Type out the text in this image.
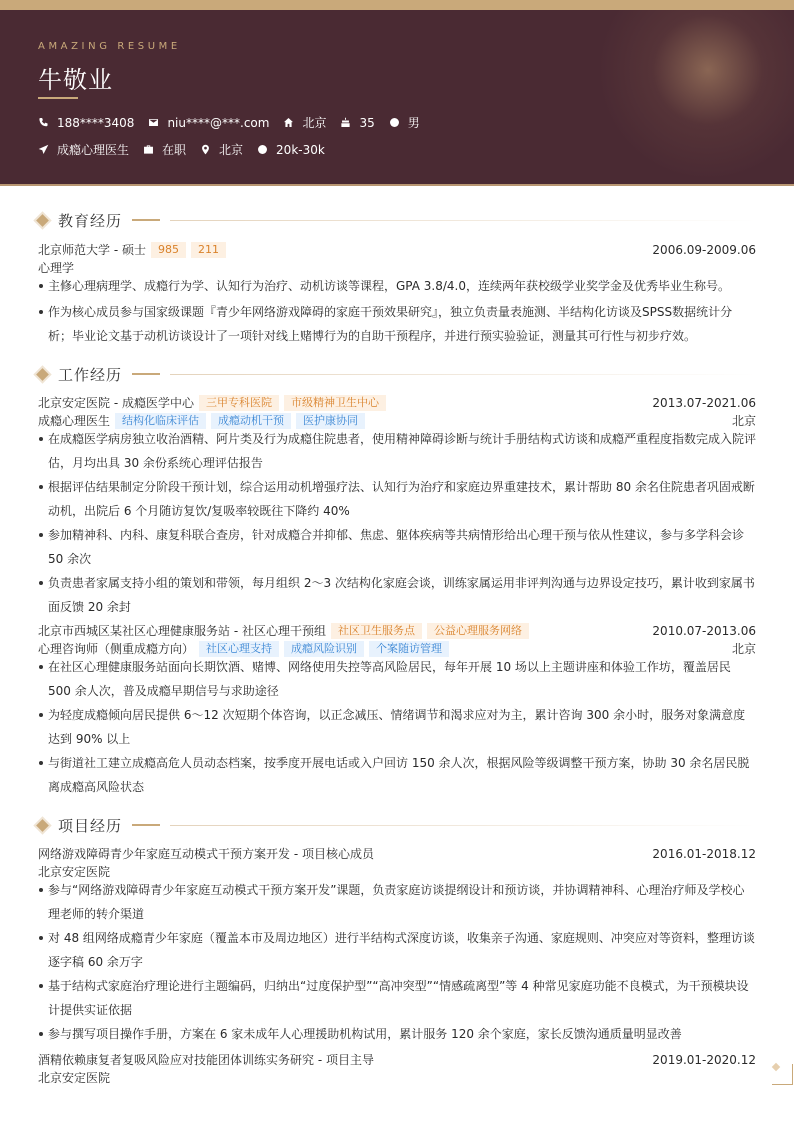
AMAZING RESUME
牛敬业
188****3408	niu****@***.com	北京	35	男
成瘾心理医生	在职	北京	20k-30k
教育经历
北京师范大学 - 硕士	985	211	2006.09-2009.06
心理学
主修心理病理学、成瘾行为学、认知行为治疗、动机访谈等课程，GPA 3.8/4.0，连续两年获校级学业奖学金及优秀毕业生称号。
作为核心成员参与国家级课题『青少年网络游戏障碍的家庭干预效果研究』，独立负责量表施测、半结构化访谈及SPSS数据统计分析；毕业论文基于动机访谈设计了一项针对线上赌博行为的自助干预程序，并进行预实验验证，测量其可行性与初步疗效。
工作经历
北京安定医院 - 成瘾医学中心	三甲专科医院	市级精神卫生中心	2013.07-2021.06
成瘾心理医生	结构化临床评估	成瘾动机干预	医护康协同	北京
在成瘾医学病房独立收治酒精、阿片类及行为成瘾住院患者，使用精神障碍诊断与统计手册结构式访谈和成瘾严重程度指数完成入院评估，月均出具 30 余份系统心理评估报告
根据评估结果制定分阶段干预计划，综合运用动机增强疗法、认知行为治疗和家庭边界重建技术，累计帮助 80 余名住院患者巩固戒断动机，出院后 6 个月随访复饮/复吸率较既往下降约 40%
参加精神科、内科、康复科联合查房，针对成瘾合并抑郁、焦虑、躯体疾病等共病情形给出心理干预与依从性建议，参与多学科会诊 50 余次
负责患者家属支持小组的策划和带领，每月组织 2～3 次结构化家庭会谈，训练家属运用非评判沟通与边界设定技巧，累计收到家属书面反馈 20 余封
北京市西城区某社区心理健康服务站 - 社区心理干预组	社区卫生服务点	公益心理服务网络	2010.07-2013.06
心理咨询师（侧重成瘾方向）	社区心理支持	成瘾风险识别	个案随访管理	北京
在社区心理健康服务站面向长期饮酒、赌博、网络使用失控等高风险居民，每年开展 10 场以上主题讲座和体验工作坊，覆盖居民 500 余人次，普及成瘾早期信号与求助途径
为轻度成瘾倾向居民提供 6～12 次短期个体咨询，以正念减压、情绪调节和渴求应对为主，累计咨询 300 余小时，服务对象满意度达到 90% 以上
与街道社工建立成瘾高危人员动态档案，按季度开展电话或入户回访 150 余人次，根据风险等级调整干预方案，协助 30 余名居民脱离成瘾高风险状态
项目经历
网络游戏障碍青少年家庭互动模式干预方案开发 - 项目核心成员	2016.01-2018.12
北京安定医院
参与“网络游戏障碍青少年家庭互动模式干预方案开发”课题，负责家庭访谈提纲设计和预访谈，并协调精神科、心理治疗师及学校心理老师的转介渠道
对 48 组网络成瘾青少年家庭（覆盖本市及周边地区）进行半结构式深度访谈，收集亲子沟通、家庭规则、冲突应对等资料，整理访谈逐字稿 60 余万字
基于结构式家庭治疗理论进行主题编码，归纳出“过度保护型”“高冲突型”“情感疏离型”等 4 种常见家庭功能不良模式，为干预模块设计提供实证依据
参与撰写项目操作手册，方案在 6 家未成年人心理援助机构试用，累计服务 120 余个家庭，家长反馈沟通质量明显改善
酒精依赖康复者复吸风险应对技能团体训练实务研究 - 项目主导	2019.01-2020.12
北京安定医院
